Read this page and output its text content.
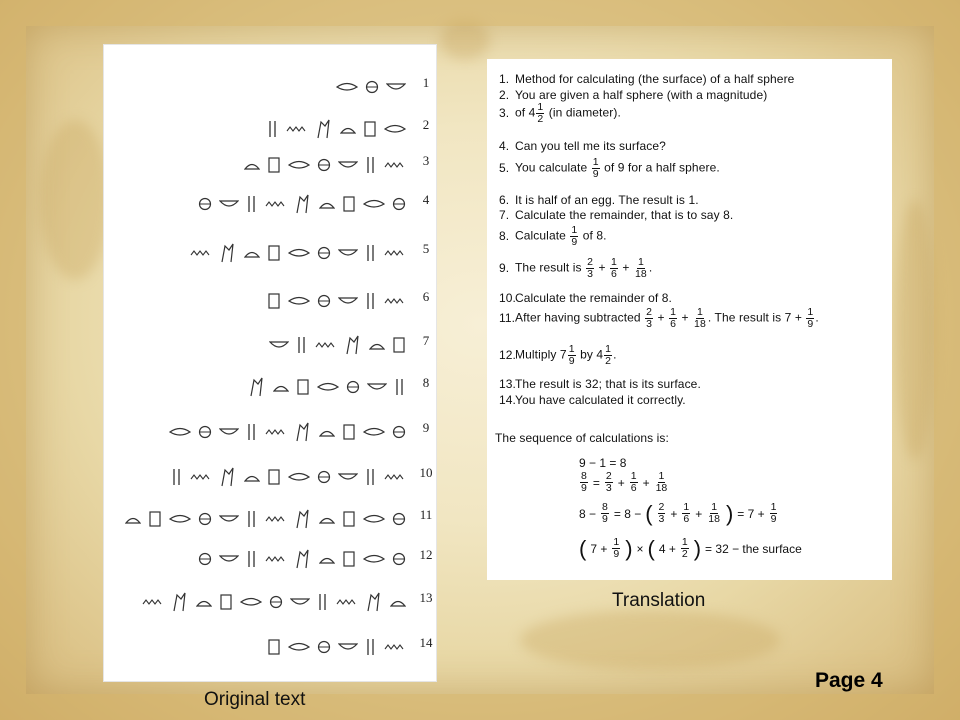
1
2
3
4
5
6
7
8
9
10
11
12
13
14
1. Method for calculating (the surface) of a half sphere
2. You are given a half sphere (with a magnitude)
3. of $4 \frac{1}{2} (in$ diameter).
4. Can you tell me its surface?
5. You calculate $\frac{1}{9}$ of 9 for a half sphere.
6. It is half of an egg. The result is 1.
7. Calculate the remainder, that is to say 8.
8. Calculate $\frac{1}{9}$ of 8.
9. The result is $\frac{2}{3} + \frac{1}{6} + \frac{1}{18}$ .
10.Calculate the remainder of 8.
11.After having subtracted $\frac{2}{3} + \frac{1}{6} + \frac{1}{18}$ . The result is $7 + \frac{1}{9}$ .
12.Multiply $7 \frac{1}{9}$ by $4 \frac{1}{2}$ .
13.The result is 32; that is its surface.
14.You have calculated it correctly.
The sequence of calculations is:
9 − 1 = 8
$\frac{8}{9} = \frac{2}{3} + \frac{1}{6} + \frac{1}{18}$
$8 - \frac{8}{9} = 8$ − ( $\frac{2}{3} + \frac{1}{6} + \frac{1}{18}$ ) = $7 + \frac{1}{9}$
( $7 + \frac{1}{9}$ ) × ( $4 + \frac{1}{2}$ ) = 32 − the surface
Translation
Original text
Page 4
